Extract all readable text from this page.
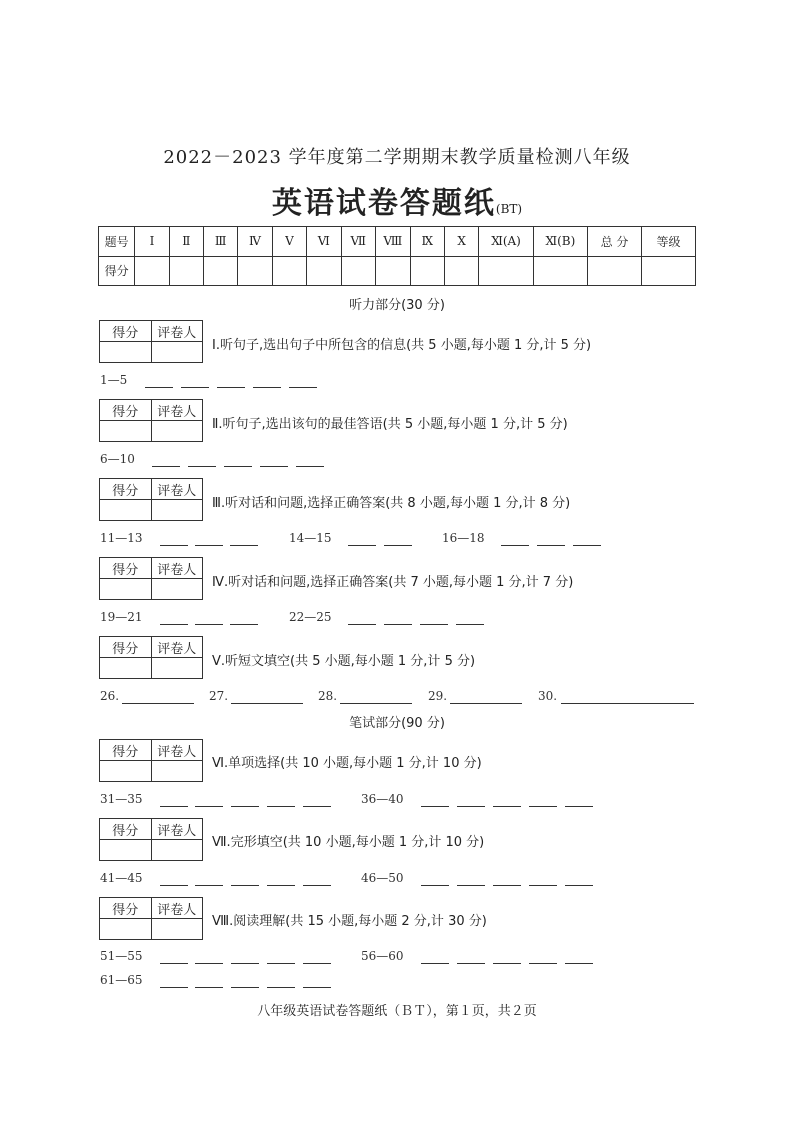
2022－2023 学年度第二学期期末教学质量检测八年级
英语试卷答题纸(BT)
题号	Ⅰ	Ⅱ	Ⅲ	Ⅳ	Ⅴ	Ⅵ	Ⅶ	Ⅷ	Ⅸ	Ⅹ	Ⅺ(A)	Ⅺ(B)	总 分	等级
得分														
听力部分(30 分)
得分	评卷人

Ⅰ.听句子,选出句子中所包含的信息(共 5 小题,每小题 1 分,计 5 分)
1—5
得分	评卷人

Ⅱ.听句子,选出该句的最佳答语(共 5 小题,每小题 1 分,计 5 分)
6—10
得分	评卷人

Ⅲ.听对话和问题,选择正确答案(共 8 小题,每小题 1 分,计 8 分)
11—13	14—15	16—18
得分	评卷人

Ⅳ.听对话和问题,选择正确答案(共 7 小题,每小题 1 分,计 7 分)
19—21	22—25
得分	评卷人

Ⅴ.听短文填空(共 5 小题,每小题 1 分,计 5 分)
26.	27.	28.	29.	30.
笔试部分(90 分)
得分	评卷人

Ⅵ.单项选择(共 10 小题,每小题 1 分,计 10 分)
31—35	36—40
得分	评卷人

Ⅶ.完形填空(共 10 小题,每小题 1 分,计 10 分)
41—45	46—50
得分	评卷人

Ⅷ.阅读理解(共 15 小题,每小题 2 分,计 30 分)
51—55	56—60
61—65
八年级英语试卷答题纸（ＢＴ），第１页，共２页
